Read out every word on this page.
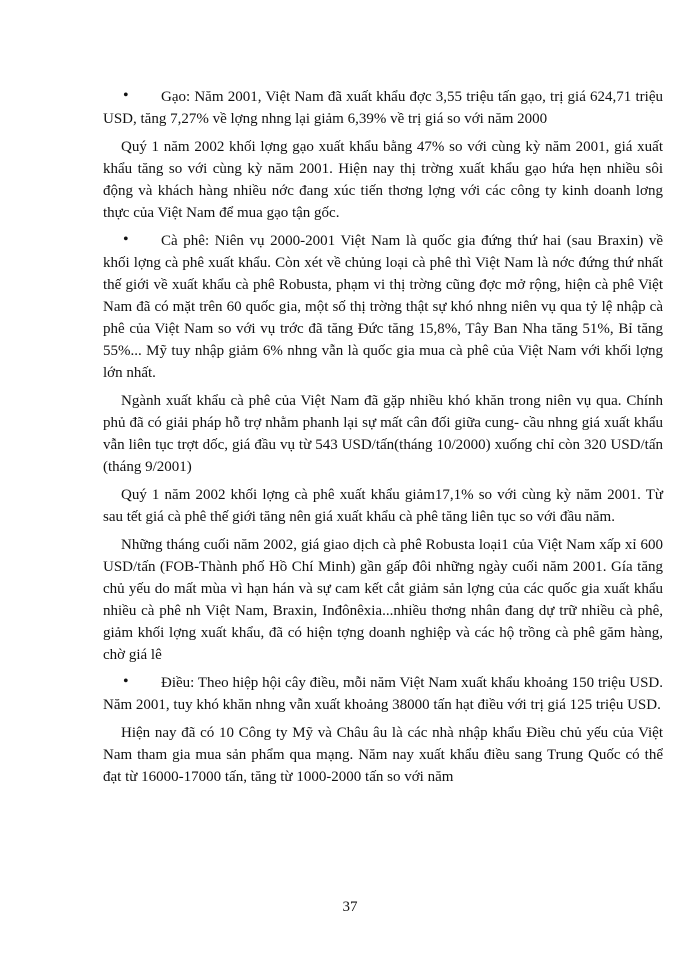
•	Gạo: Năm 2001, Việt Nam đã xuất khẩu đợc 3,55 triệu tấn gạo, trị giá 624,71 triệu USD, tăng 7,27% về lợng nhng lại giảm 6,39% về trị giá so với năm 2000

Quý 1 năm 2002 khối lợng gạo xuất khẩu bằng 47% so với cùng kỳ năm 2001, giá xuất khẩu tăng so với cùng kỳ năm 2001. Hiện nay thị trờng xuất khẩu gạo hứa hẹn nhiều sôi động và khách hàng nhiều nớc đang xúc tiến thơng lợng với các công ty kinh doanh lơng thực của Việt Nam để mua gạo tận gốc.

•	Cà phê: Niên vụ 2000-2001 Việt Nam là quốc gia đứng thứ hai (sau Braxin) về khối lợng cà phê xuất khẩu. Còn xét về chủng loại cà phê thì Việt Nam là nớc đứng thứ nhất thế giới về xuất khẩu cà phê Robusta, phạm vi thị trờng cũng đợc mở rộng, hiện cà phê Việt Nam đã có mặt trên 60 quốc gia, một số thị trờng thật sự khó nhng niên vụ qua tỷ lệ nhập cà phê của Việt Nam so với vụ trớc đã tăng Đức tăng 15,8%, Tây Ban Nha tăng 51%, Bỉ tăng 55%... Mỹ tuy nhập giảm 6% nhng vẫn là quốc gia mua cà phê của Việt Nam với khối lợng lớn nhất.

Ngành xuất khẩu cà phê của Việt Nam đã gặp nhiều khó khăn trong niên vụ qua. Chính phủ đã có giải pháp hỗ trợ nhằm phanh lại sự mất cân đối giữa cung- cầu nhng giá xuất khẩu vẫn liên tục trợt dốc, giá đầu vụ từ 543 USD/tấn(tháng 10/2000) xuống chỉ còn 320 USD/tấn (tháng 9/2001)

Quý 1 năm 2002 khối lợng cà phê xuất khẩu giảm17,1% so với cùng kỳ năm 2001. Từ sau tết giá cà phê thế giới tăng nên giá xuất khẩu cà phê tăng liên tục so với đầu năm.

Những tháng cuối năm 2002, giá giao dịch cà phê Robusta loại1 của Việt Nam xấp xỉ 600 USD/tấn (FOB-Thành phố Hồ Chí Minh) gần gấp đôi những ngày cuối năm 2001. Gía tăng chủ yếu do mất mùa vì hạn hán và sự cam kết cắt giảm sản lợng của các quốc gia xuất khẩu nhiều cà phê nh Việt Nam, Braxin, Inđônêxia...nhiều thơng nhân đang dự trữ nhiều cà phê, giảm khối lợng xuất khẩu, đã có hiện tợng doanh nghiệp và các hộ trồng cà phê găm hàng, chờ giá lê

•	Điều: Theo hiệp hội cây điều, mỗi năm Việt Nam xuất khẩu khoảng 150 triệu USD. Năm 2001, tuy khó khăn nhng vẫn xuất khoảng 38000 tấn hạt điều với trị giá 125 triệu USD.

Hiện nay đã có 10 Công ty Mỹ và Châu âu là các nhà nhập khẩu Điều chủ yếu của Việt Nam tham gia mua sản phẩm qua mạng. Năm nay xuất khẩu điều sang Trung Quốc có thể đạt từ 16000-17000 tấn, tăng từ 1000-2000 tấn so với năm

37
